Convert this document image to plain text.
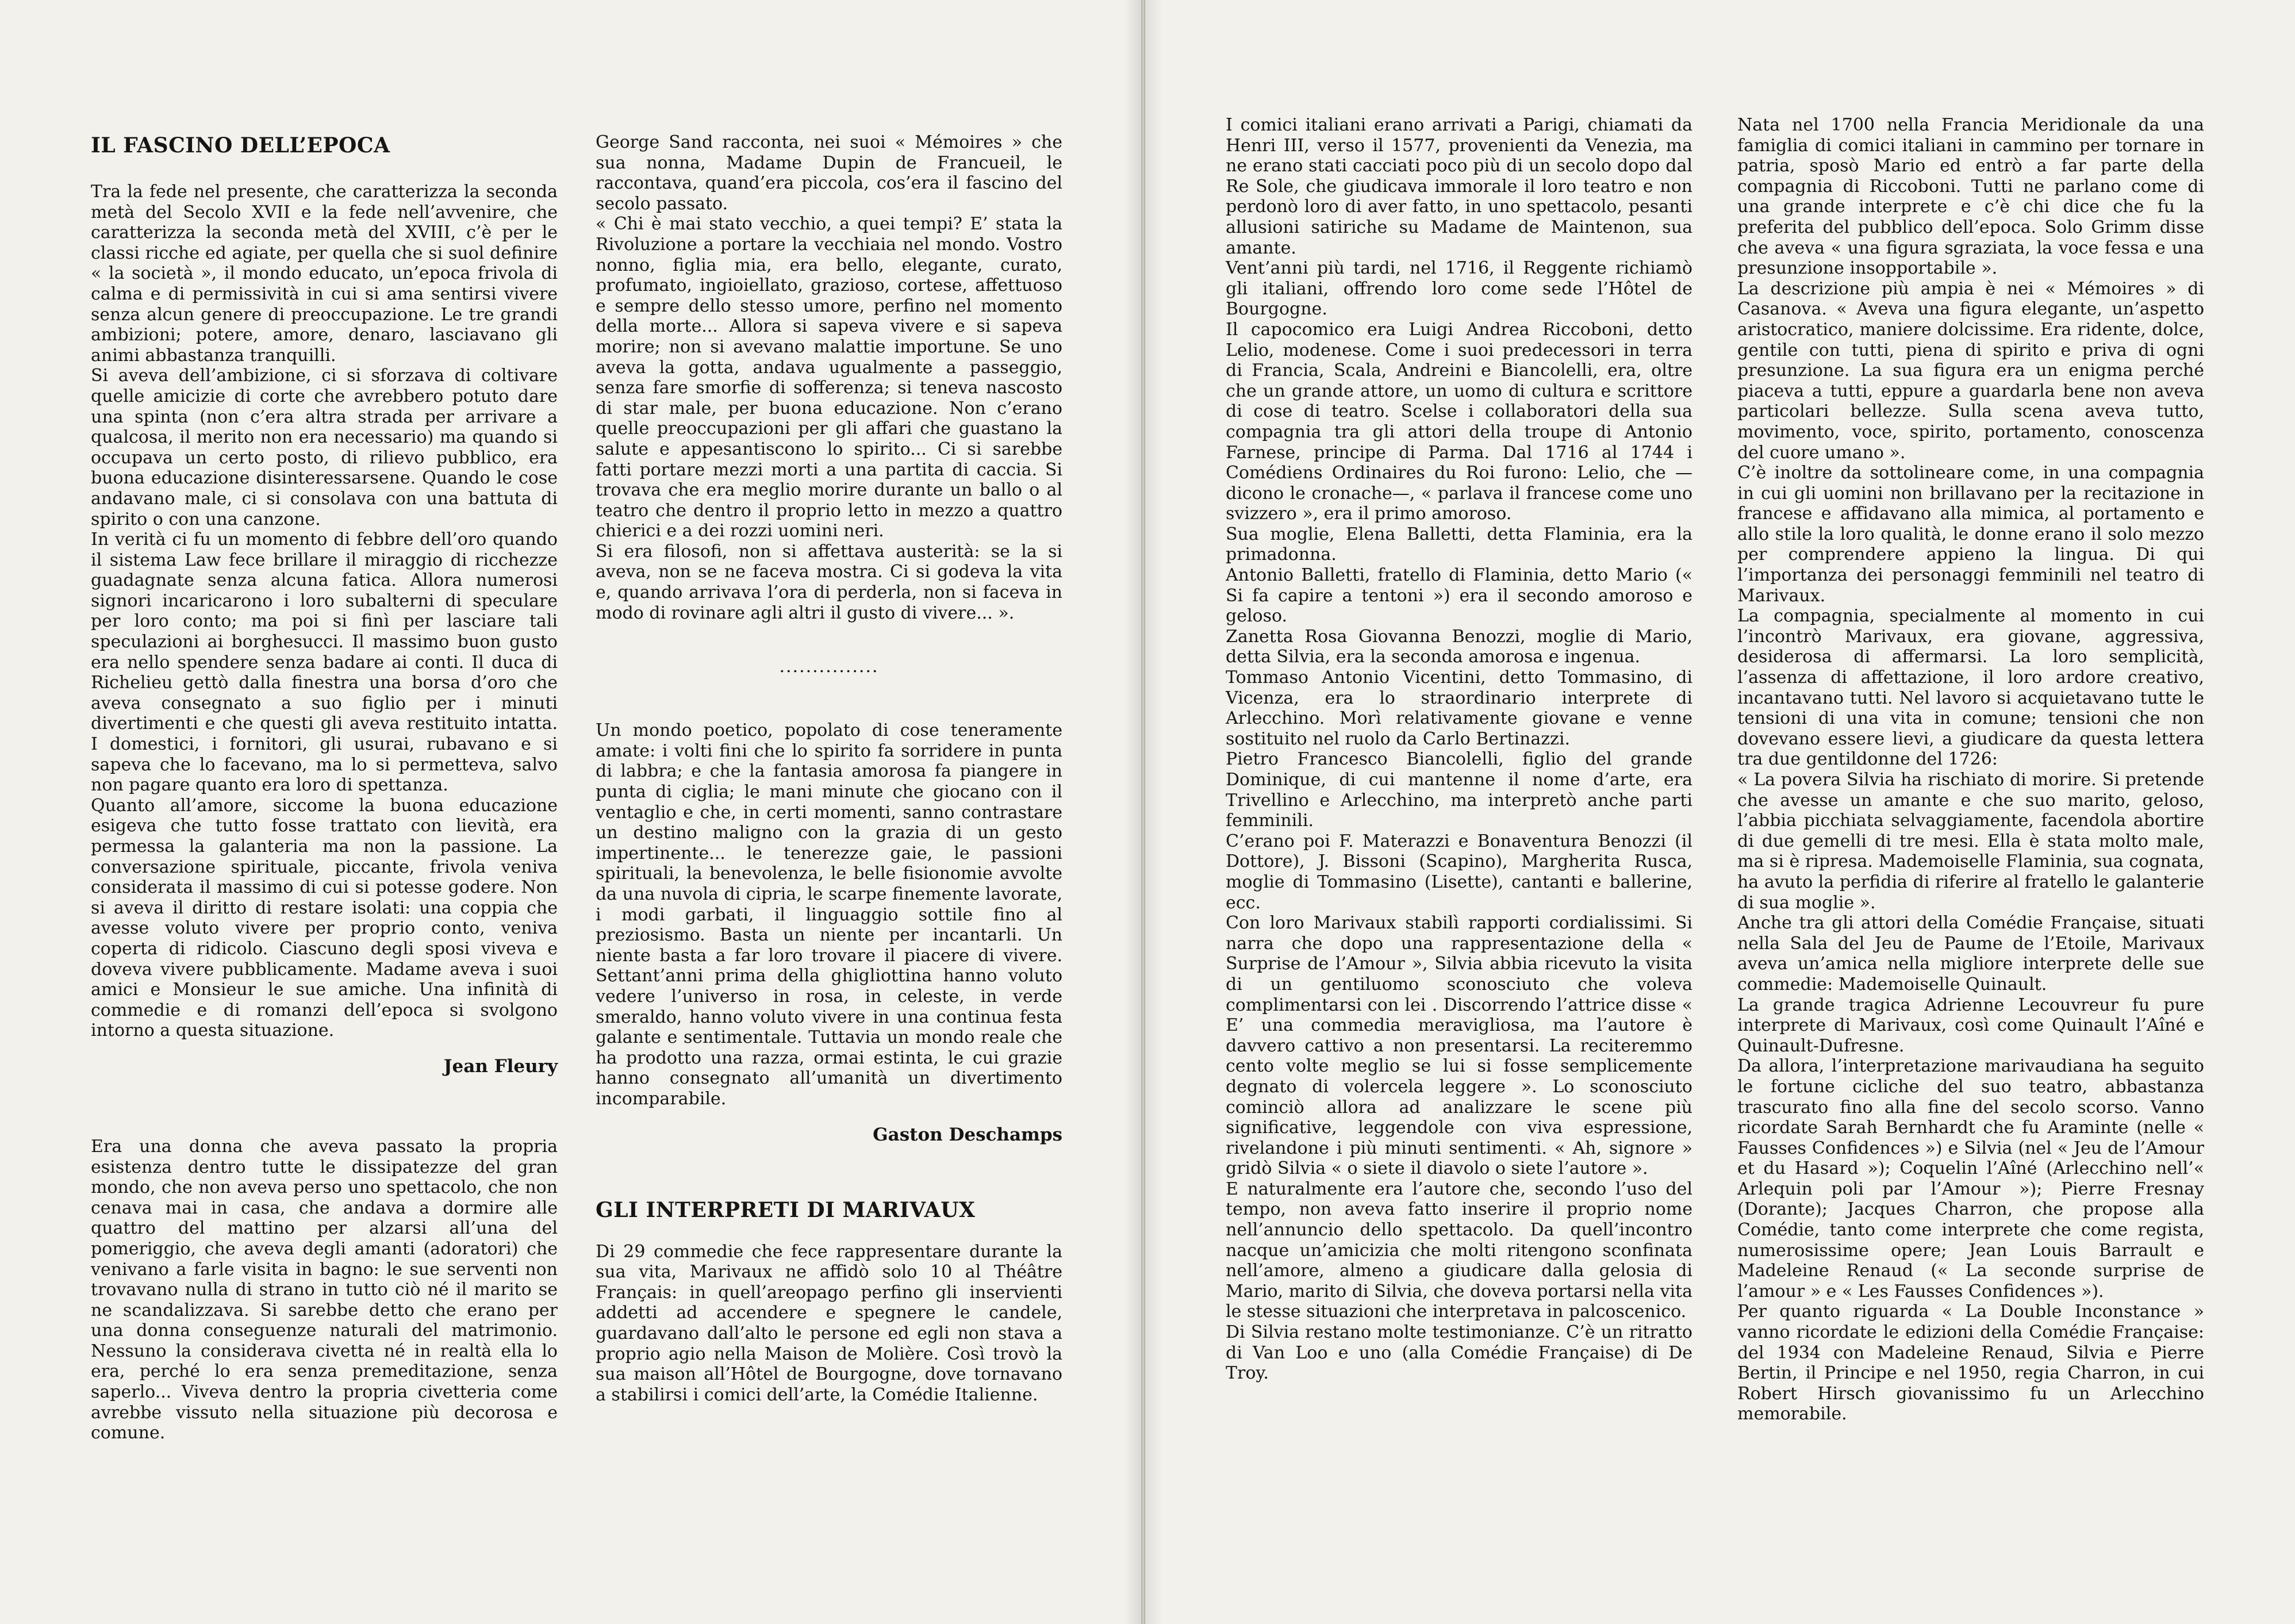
IL FASCINO DELL’EPOCA

Tra la fede nel presente, che caratterizza la seconda metà del Secolo XVII e la fede nell’avvenire, che caratterizza la seconda metà del XVIII, c’è per le classi ricche ed agiate, per quella che si suol definire « la società », il mondo educato, un’epoca frivola di calma e di permissività in cui si ama sentirsi vivere senza alcun genere di preoccupazione. Le tre grandi ambizioni; potere, amore, denaro, lasciavano gli animi abbastanza tranquilli.

Si aveva dell’ambizione, ci si sforzava di coltivare quelle amicizie di corte che avrebbero potuto dare una spinta (non c’era altra strada per arrivare a qualcosa, il merito non era necessario) ma quando si occupava un certo posto, di rilievo pubblico, era buona educazione disinteressarsene. Quando le cose andavano male, ci si consolava con una battuta di spirito o con una canzone.

In verità ci fu un momento di febbre dell’oro quando il sistema Law fece brillare il miraggio di ricchezze guadagnate senza alcuna fatica. Allora numerosi signori incaricarono i loro subalterni di speculare per loro conto; ma poi si finì per lasciare tali speculazioni ai borghesucci. Il massimo buon gusto era nello spendere senza badare ai conti. Il duca di Richelieu gettò dalla finestra una borsa d’oro che aveva consegnato a suo figlio per i minuti divertimenti e che questi gli aveva restituito intatta. I domestici, i fornitori, gli usurai, rubavano e si sapeva che lo facevano, ma lo si permetteva, salvo non pagare quanto era loro di spettanza.

Quanto all’amore, siccome la buona educazione esigeva che tutto fosse trattato con lievità, era permessa la galanteria ma non la passione. La conversazione spirituale, piccante, frivola veniva considerata il massimo di cui si potesse godere. Non si aveva il diritto di restare isolati: una coppia che avesse voluto vivere per proprio conto, veniva coperta di ridicolo. Ciascuno degli sposi viveva e doveva vivere pubblicamente. Madame aveva i suoi amici e Monsieur le sue amiche. Una infinità di commedie e di romanzi dell’epoca si svolgono intorno a questa situazione.

Jean Fleury

Era una donna che aveva passato la propria esistenza dentro tutte le dissipatezze del gran mondo, che non aveva perso uno spettacolo, che non cenava mai in casa, che andava a dormire alle quattro del mattino per alzarsi all’una del pomeriggio, che aveva degli amanti (adoratori) che venivano a farle visita in bagno: le sue serventi non trovavano nulla di strano in tutto ciò né il marito se ne scandalizzava. Si sarebbe detto che erano per una donna conseguenze naturali del matrimonio. Nessuno la considerava civetta né in realtà ella lo era, perché lo era senza premeditazione, senza saperlo... Viveva dentro la propria civetteria come avrebbe vissuto nella situazione più decorosa e comune.

George Sand racconta, nei suoi « Mémoires » che sua nonna, Madame Dupin de Francueil, le raccontava, quand’era piccola, cos’era il fascino del secolo passato.

« Chi è mai stato vecchio, a quei tempi? E’ stata la Rivoluzione a portare la vecchiaia nel mondo. Vostro nonno, figlia mia, era bello, elegante, curato, profumato, ingioiellato, grazioso, cortese, affettuoso e sempre dello stesso umore, perfino nel momento della morte... Allora si sapeva vivere e si sapeva morire; non si avevano malattie importune. Se uno aveva la gotta, andava ugualmente a passeggio, senza fare smorfie di sofferenza; si teneva nascosto di star male, per buona educazione. Non c’erano quelle preoccupazioni per gli affari che guastano la salute e appesantiscono lo spirito... Ci si sarebbe fatti portare mezzi morti a una partita di caccia. Si trovava che era meglio morire durante un ballo o al teatro che dentro il proprio letto in mezzo a quattro chierici e a dei rozzi uomini neri.

Si era filosofi, non si affettava austerità: se la si aveva, non se ne faceva mostra. Ci si godeva la vita e, quando arrivava l’ora di perderla, non si faceva in modo di rovinare agli altri il gusto di vivere... ».

...............

Un mondo poetico, popolato di cose teneramente amate: i volti fini che lo spirito fa sorridere in punta di labbra; e che la fantasia amorosa fa piangere in punta di ciglia; le mani minute che giocano con il ventaglio e che, in certi momenti, sanno contrastare un destino maligno con la grazia di un gesto impertinente... le tenerezze gaie, le passioni spirituali, la benevolenza, le belle fisionomie avvolte da una nuvola di cipria, le scarpe finemente lavorate, i modi garbati, il linguaggio sottile fino al preziosismo. Basta un niente per incantarli. Un niente basta a far loro trovare il piacere di vivere. Settant’anni prima della ghigliottina hanno voluto vedere l’universo in rosa, in celeste, in verde smeraldo, hanno voluto vivere in una continua festa galante e sentimentale. Tuttavia un mondo reale che ha prodotto una razza, ormai estinta, le cui grazie hanno consegnato all’umanità un divertimento incomparabile.

Gaston Deschamps
GLI INTERPRETI DI MARIVAUX

Di 29 commedie che fece rappresentare durante la sua vita, Marivaux ne affidò solo 10 al Théâtre Français: in quell’areopago perfino gli inservienti addetti ad accendere e spegnere le candele, guardavano dall’alto le persone ed egli non stava a proprio agio nella Maison de Molière. Così trovò la sua maison all’Hôtel de Bourgogne, dove tornavano a stabilirsi i comici dell’arte, la Comédie Italienne.

I comici italiani erano arrivati a Parigi, chiamati da Henri III, verso il 1577, provenienti da Venezia, ma ne erano stati cacciati poco più di un secolo dopo dal Re Sole, che giudicava immorale il loro teatro e non perdonò loro di aver fatto, in uno spettacolo, pesanti allusioni satiriche su Madame de Maintenon, sua amante.

Vent’anni più tardi, nel 1716, il Reggente richiamò gli italiani, offrendo loro come sede l’Hôtel de Bourgogne.

Il capocomico era Luigi Andrea Riccoboni, detto Lelio, modenese. Come i suoi predecessori in terra di Francia, Scala, Andreini e Biancolelli, era, oltre che un grande attore, un uomo di cultura e scrittore di cose di teatro. Scelse i collaboratori della sua compagnia tra gli attori della troupe di Antonio Farnese, principe di Parma. Dal 1716 al 1744 i Comédiens Ordinaires du Roi furono: Lelio, che — dicono le cronache—, « parlava il francese come uno svizzero », era il primo amoroso.

Sua moglie, Elena Balletti, detta Flaminia, era la primadonna.

Antonio Balletti, fratello di Flaminia, detto Mario (« Si fa capire a tentoni ») era il secondo amoroso e geloso.

Zanetta Rosa Giovanna Benozzi, moglie di Mario, detta Silvia, era la seconda amorosa e ingenua.

Tommaso Antonio Vicentini, detto Tommasino, di Vicenza, era lo straordinario interprete di Arlecchino. Morì relativamente giovane e venne sostituito nel ruolo da Carlo Bertinazzi.

Pietro Francesco Biancolelli, figlio del grande Dominique, di cui mantenne il nome d’arte, era Trivellino e Arlecchino, ma interpretò anche parti femminili.

C’erano poi F. Materazzi e Bonaventura Benozzi (il Dottore), J. Bissoni (Scapino), Margherita Rusca, moglie di Tommasino (Lisette), cantanti e ballerine, ecc.

Con loro Marivaux stabilì rapporti cordialissimi. Si narra che dopo una rappresentazione della « Surprise de l’Amour », Silvia abbia ricevuto la visita di un gentiluomo sconosciuto che voleva complimentarsi con lei . Discorrendo l’attrice disse « E’ una commedia meravigliosa, ma l’autore è davvero cattivo a non presentarsi. La reciteremmo cento volte meglio se lui si fosse semplicemente degnato di volercela leggere ». Lo sconosciuto cominciò allora ad analizzare le scene più significative, leggendole con viva espressione, rivelandone i più minuti sentimenti. « Ah, signore » gridò Silvia « o siete il diavolo o siete l’autore ».

E naturalmente era l’autore che, secondo l’uso del tempo, non aveva fatto inserire il proprio nome nell’annuncio dello spettacolo. Da quell’incontro nacque un’amicizia che molti ritengono sconfinata nell’amore, almeno a giudicare dalla gelosia di Mario, marito di Silvia, che doveva portarsi nella vita le stesse situazioni che interpretava in palcoscenico.

Di Silvia restano molte testimonianze. C’è un ritratto di Van Loo e uno (alla Comédie Française) di De Troy.

Nata nel 1700 nella Francia Meridionale da una famiglia di comici italiani in cammino per tornare in patria, sposò Mario ed entrò a far parte della compagnia di Riccoboni. Tutti ne parlano come di una grande interprete e c’è chi dice che fu la preferita del pubblico dell’epoca. Solo Grimm disse che aveva « una figura sgraziata, la voce fessa e una presunzione insopportabile ».

La descrizione più ampia è nei « Mémoires » di Casanova. « Aveva una figura elegante, un’aspetto aristocratico, maniere dolcissime. Era ridente, dolce, gentile con tutti, piena di spirito e priva di ogni presunzione. La sua figura era un enigma perché piaceva a tutti, eppure a guardarla bene non aveva particolari bellezze. Sulla scena aveva tutto, movimento, voce, spirito, portamento, conoscenza del cuore umano ».

C’è inoltre da sottolineare come, in una compagnia in cui gli uomini non brillavano per la recitazione in francese e affidavano alla mimica, al portamento e allo stile la loro qualità, le donne erano il solo mezzo per comprendere appieno la lingua. Di qui l’importanza dei personaggi femminili nel teatro di Marivaux.

La compagnia, specialmente al momento in cui l’incontrò Marivaux, era giovane, aggressiva, desiderosa di affermarsi. La loro semplicità, l’assenza di affettazione, il loro ardore creativo, incantavano tutti. Nel lavoro si acquietavano tutte le tensioni di una vita in comune; tensioni che non dovevano essere lievi, a giudicare da questa lettera tra due gentildonne del 1726:

« La povera Silvia ha rischiato di morire. Si pretende che avesse un amante e che suo marito, geloso, l’abbia picchiata selvaggiamente, facendola abortire di due gemelli di tre mesi. Ella è stata molto male, ma si è ripresa. Mademoiselle Flaminia, sua cognata, ha avuto la perfidia di riferire al fratello le galanterie di sua moglie ».

Anche tra gli attori della Comédie Française, situati nella Sala del Jeu de Paume de l’Etoile, Marivaux aveva un’amica nella migliore interprete delle sue commedie: Mademoiselle Quinault.

La grande tragica Adrienne Lecouvreur fu pure interprete di Marivaux, così come Quinault l’Aîné e Quinault-Dufresne.

Da allora, l’interpretazione marivaudiana ha seguito le fortune cicliche del suo teatro, abbastanza trascurato fino alla fine del secolo scorso. Vanno ricordate Sarah Bernhardt che fu Araminte (nelle « Fausses Confidences ») e Silvia (nel « Jeu de l’Amour et du Hasard »); Coquelin l’Aîné (Arlecchino nell’« Arlequin poli par l’Amour »); Pierre Fresnay (Dorante); Jacques Charron, che propose alla Comédie, tanto come interprete che come regista, numerosissime opere; Jean Louis Barrault e Madeleine Renaud (« La seconde surprise de l’amour » e « Les Fausses Confidences »).

Per quanto riguarda « La Double Inconstance » vanno ricordate le edizioni della Comédie Française: del 1934 con Madeleine Renaud, Silvia e Pierre Bertin, il Principe e nel 1950, regia Charron, in cui Robert Hirsch giovanissimo fu un Arlecchino memorabile.
